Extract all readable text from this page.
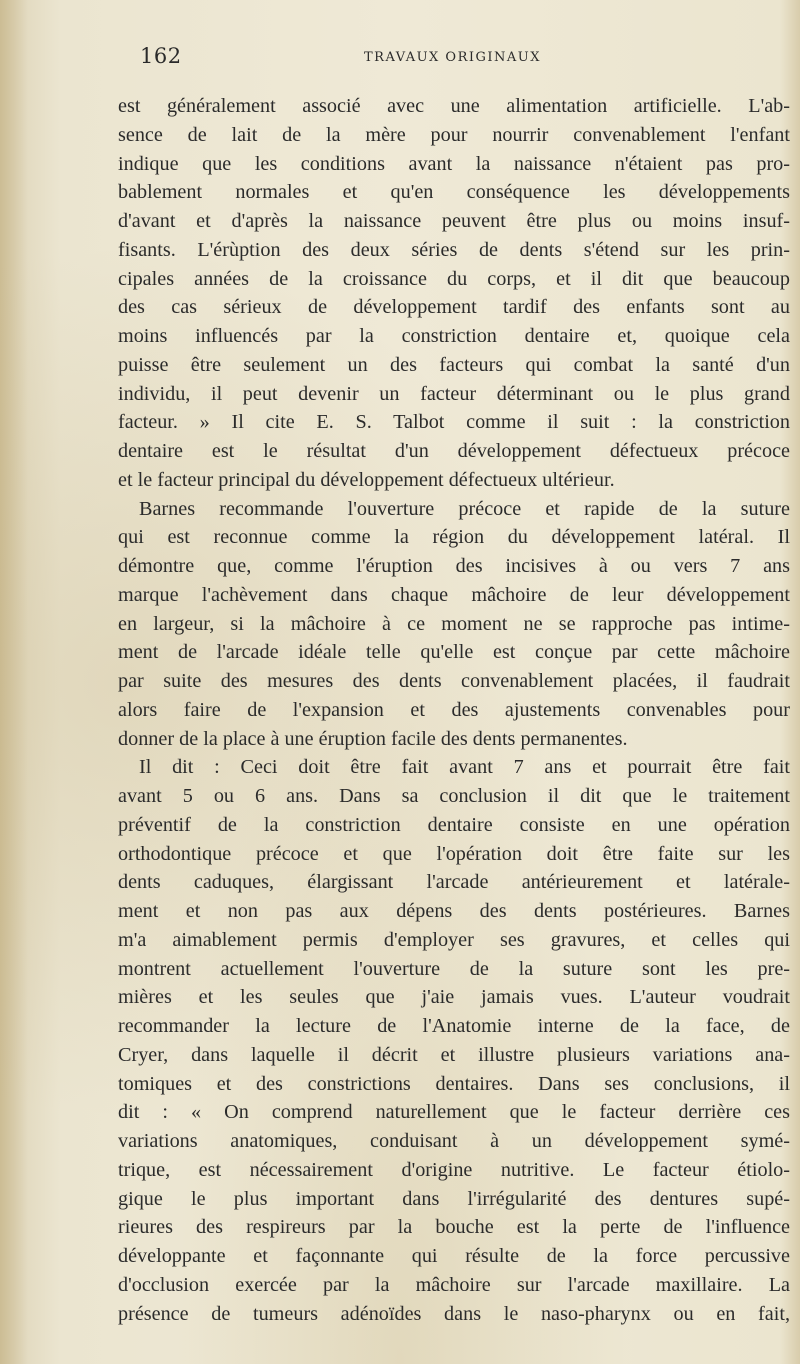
162	TRAVAUX ORIGINAUX
est généralement associé avec une alimentation artificielle. L'ab-
sence de lait de la mère pour nourrir convenablement l'enfant
indique que les conditions avant la naissance n'étaient pas pro-
bablement normales et qu'en conséquence les développements
d'avant et d'après la naissance peuvent être plus ou moins insuf-
fisants. L'érùption des deux séries de dents s'étend sur les prin-
cipales années de la croissance du corps, et il dit que beaucoup
des cas sérieux de développement tardif des enfants sont au
moins influencés par la constriction dentaire et, quoique cela
puisse être seulement un des facteurs qui combat la santé d'un
individu, il peut devenir un facteur déterminant ou le plus grand
facteur. » Il cite E. S. Talbot comme il suit : la constriction
dentaire est le résultat d'un développement défectueux précoce
et le facteur principal du développement défectueux ultérieur.
Barnes recommande l'ouverture précoce et rapide de la suture
qui est reconnue comme la région du développement latéral. Il
démontre que, comme l'éruption des incisives à ou vers 7 ans
marque l'achèvement dans chaque mâchoire de leur développement
en largeur, si la mâchoire à ce moment ne se rapproche pas intime-
ment de l'arcade idéale telle qu'elle est conçue par cette mâchoire
par suite des mesures des dents convenablement placées, il faudrait
alors faire de l'expansion et des ajustements convenables pour
donner de la place à une éruption facile des dents permanentes.
Il dit : Ceci doit être fait avant 7 ans et pourrait être fait
avant 5 ou 6 ans. Dans sa conclusion il dit que le traitement
préventif de la constriction dentaire consiste en une opération
orthodontique précoce et que l'opération doit être faite sur les
dents caduques, élargissant l'arcade antérieurement et latérale-
ment et non pas aux dépens des dents postérieures. Barnes
m'a aimablement permis d'employer ses gravures, et celles qui
montrent actuellement l'ouverture de la suture sont les pre-
mières et les seules que j'aie jamais vues. L'auteur voudrait
recommander la lecture de l'Anatomie interne de la face, de
Cryer, dans laquelle il décrit et illustre plusieurs variations ana-
tomiques et des constrictions dentaires. Dans ses conclusions, il
dit : « On comprend naturellement que le facteur derrière ces
variations anatomiques, conduisant à un développement symé-
trique, est nécessairement d'origine nutritive. Le facteur étiolo-
gique le plus important dans l'irrégularité des dentures supé-
rieures des respireurs par la bouche est la perte de l'influence
développante et façonnante qui résulte de la force percussive
d'occlusion exercée par la mâchoire sur l'arcade maxillaire. La
présence de tumeurs adénoïdes dans le naso-pharynx ou en fait,
